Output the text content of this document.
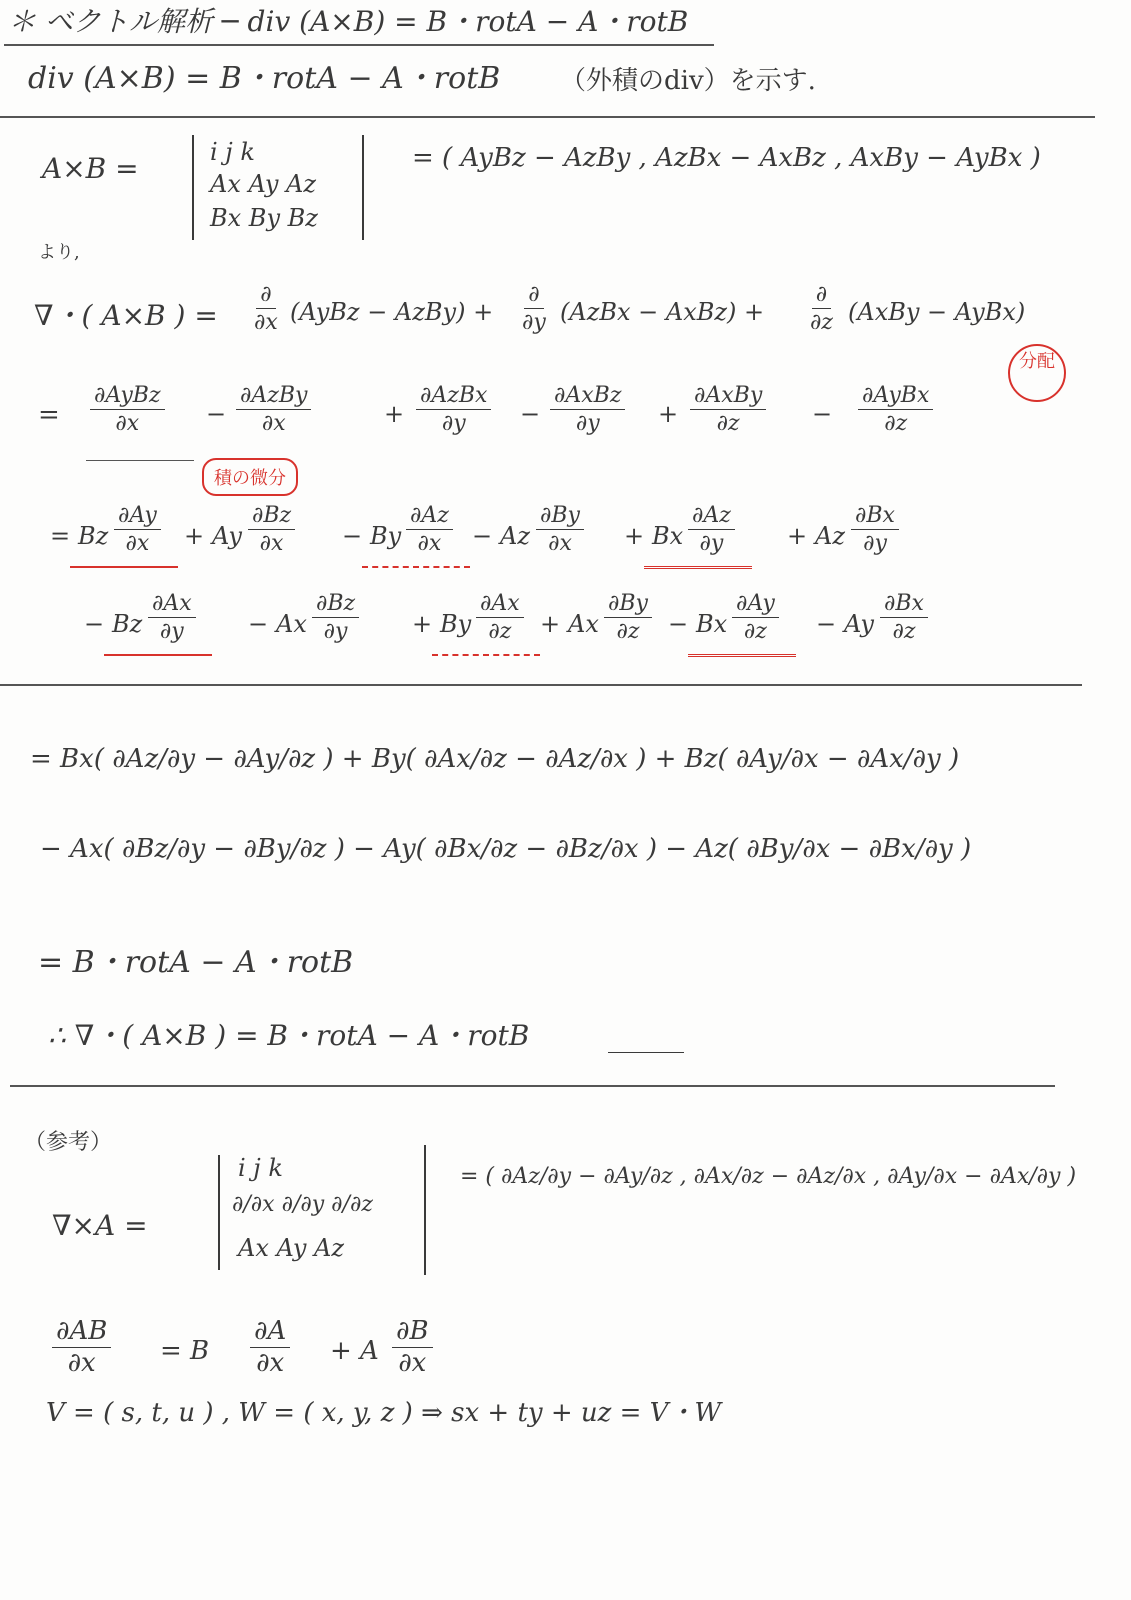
＊ ベクトル解析 ─ div (A×B) = B・rotA − A・rotB
div (A×B) = B・rotA − A・rotB （外積のdiv）を示す.
A×B =	i j k
Ax Ay Az
Bx By Bz
= ( AyBz − AzBy , AzBx − AxBz , AxBy − AyBx )
より,
∇・( A×B ) =
∂
∂x (AyBz − AzBy) +
∂
∂y (AzBx − AxBz) +
∂
∂z (AxBy − AyBx)
=
∂AyBz
∂x	−
∂AzBy
∂x	+
∂AzBx
∂y −
∂AxBz
∂y +
∂AxBy
∂z	−
∂AyBx
∂z
分配
積の微分
= Bz $\frac{\partial Ay}{\partial x} + Ay \frac{\partial Bz}{\partial x} - By \frac{\partial Az}{\partial x} - Az \frac{\partial By}{\partial x} + Bx \frac{\partial Az}{\partial y} + Az \frac{\partial Bx}{\partial y}$
− Bz $\frac{\partial Ax}{\partial y} - Ax \frac{\partial Bz}{\partial y} + By \frac{\partial Ax}{\partial z} + Ax \frac{\partial By}{\partial z} - Bx \frac{\partial Ay}{\partial z} - Ay \frac{\partial Bx}{\partial z}$
= Bx( ∂Az/∂y − ∂Ay/∂z ) + By( ∂Ax/∂z − ∂Az/∂x ) + Bz( ∂Ay/∂x − ∂Ax/∂y )
− Ax( ∂Bz/∂y − ∂By/∂z ) − Ay( ∂Bx/∂z − ∂Bz/∂x ) − Az( ∂By/∂x − ∂Bx/∂y )
= B・rotA − A・rotB
∴ ∇・( A×B ) = B・rotA − A・rotB
（参考）
∇×A =
i j k
∂/∂x ∂/∂y ∂/∂z
Ax Ay Az
= ( ∂Az/∂y − ∂Ay/∂z , ∂Ax/∂z − ∂Az/∂x , ∂Ay/∂x − ∂Ax/∂y )
$\frac{\partial AB}{\partial x} = B \frac{\partial A}{\partial x} + A \frac{\partial B}{\partial x}$
V = ( s, t, u ) , W = ( x, y, z ) ⇒ sx + ty + uz = V・W
